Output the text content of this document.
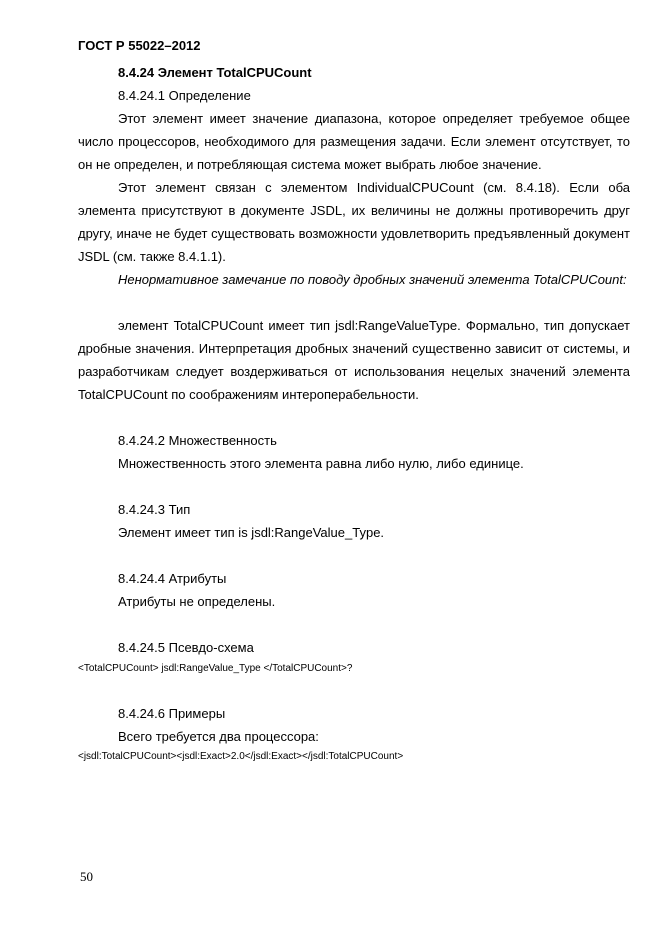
ГОСТ Р 55022–2012
8.4.24 Элемент TotalCPUCount
8.4.24.1 Определение

Этот элемент имеет значение диапазона, которое определяет требуемое общее число процессоров, необходимого для размещения задачи. Если элемент отсутствует, то он не определен, и потребляющая система может выбрать любое значение.

Этот элемент связан с элементом IndividualCPUCount (см. 8.4.18). Если оба элемента присутствуют в документе JSDL, их величины не должны противоречить друг другу, иначе не будет существовать возможности удовлетворить предъявленный документ JSDL (см. также 8.4.1.1).

Ненормативное замечание по поводу дробных значений элемента TotalCPUCount:

элемент TotalCPUCount имеет тип jsdl:RangeValueType. Формально, тип допускает дробные значения. Интерпретация дробных значений существенно зависит от системы, и разработчикам следует воздерживаться от использования нецелых значений элемента TotalCPUCount по соображениям интероперабельности.

8.4.24.2 Множественность
Множественность этого элемента равна либо нулю, либо единице.
8.4.24.3 Тип
Элемент имеет тип is jsdl:RangeValue_Type.
8.4.24.4 Атрибуты
Атрибуты не определены.
8.4.24.5 Псевдо-схема
<TotalCPUCount> jsdl:RangeValue_Type </TotalCPUCount>?
8.4.24.6 Примеры
Всего требуется два процессора:
<jsdl:TotalCPUCount><jsdl:Exact>2.0</jsdl:Exact></jsdl:TotalCPUCount>
50
